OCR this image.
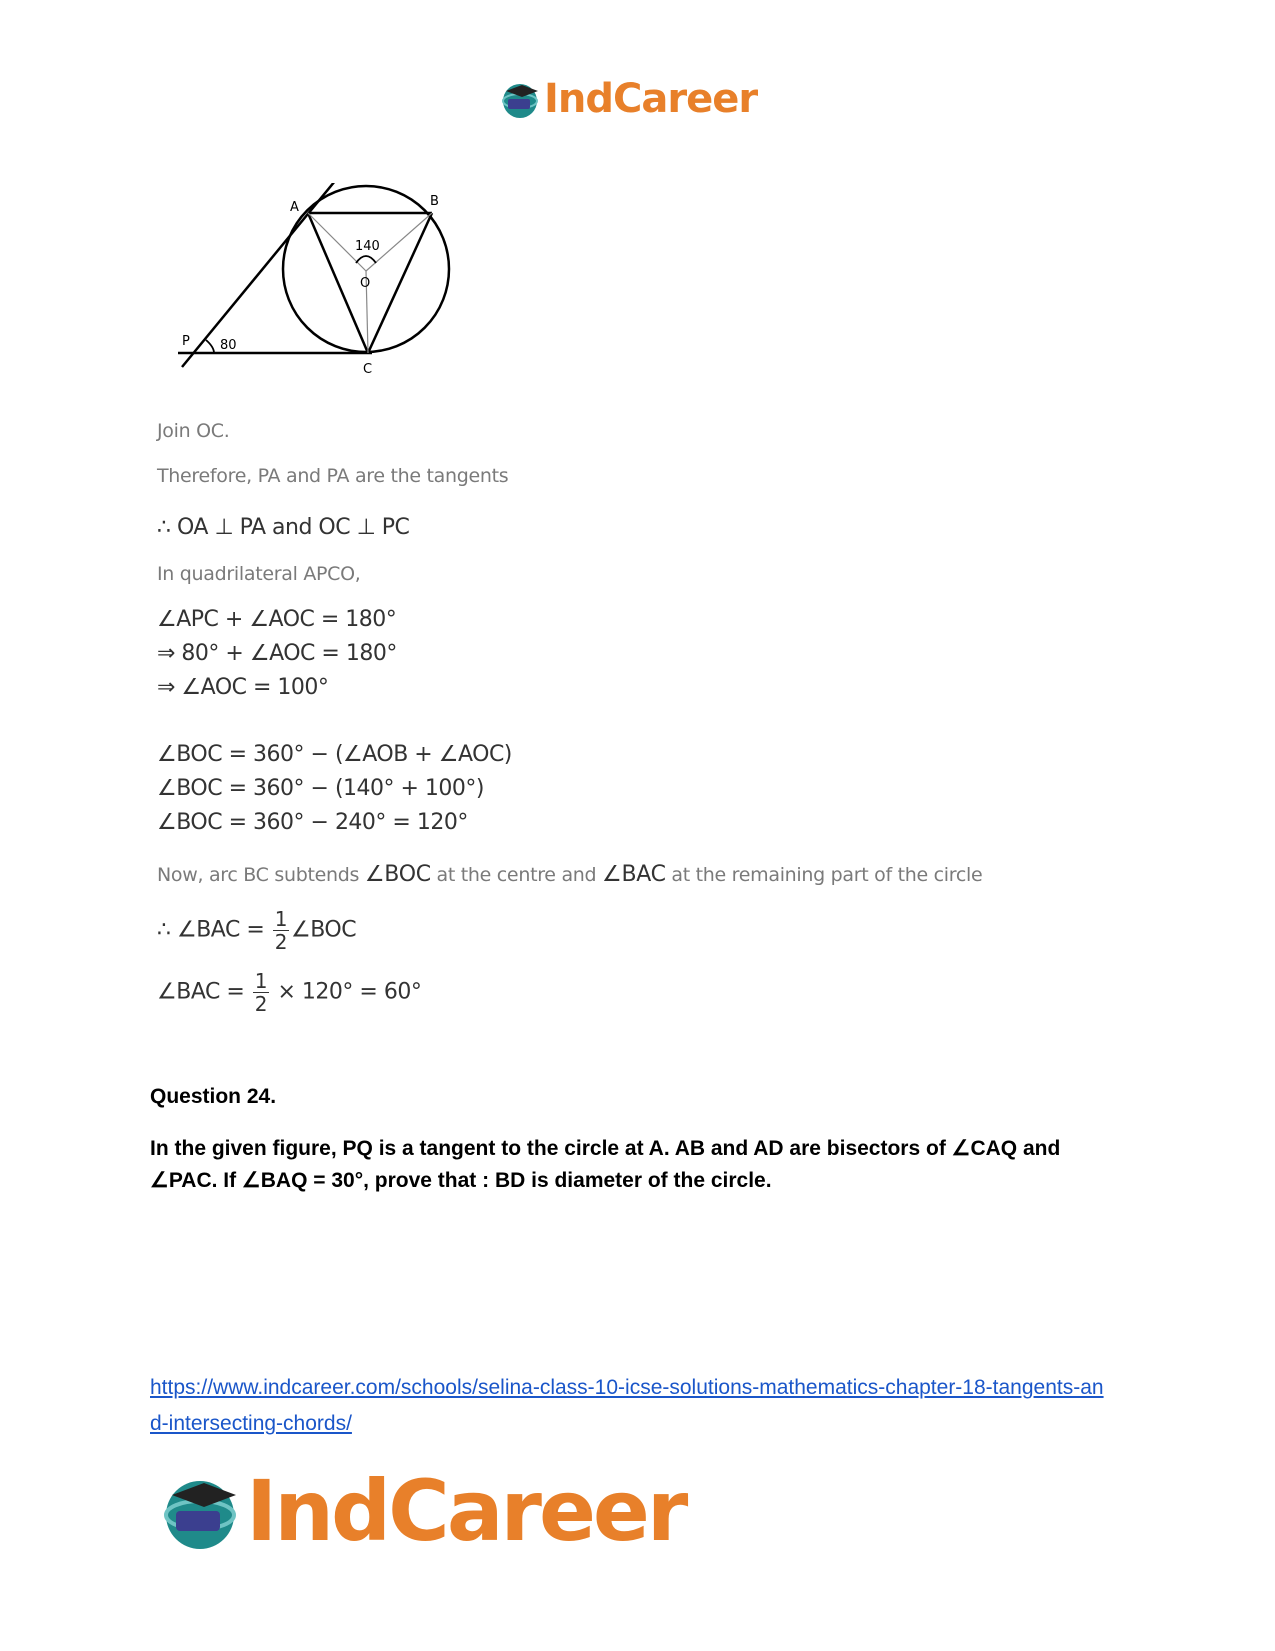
IndCareer
A	B
O
P
C
140
80
Join OC.
Therefore, PA and PA are the tangents
∴ OA ⊥ PA and OC ⊥ PC
In quadrilateral APCO,
∠APC + ∠AOC = 180°
⇒ 80° + ∠AOC = 180°
⇒ ∠AOC = 100°
∠BOC = 360° − (∠AOB + ∠AOC)
∠BOC = 360° − (140° + 100°)
∠BOC = 360° − 240° = 120°
Now, arc BC subtends ∠BOC at the centre and ∠BAC at the remaining part of the circle
∴ ∠BAC = $\frac{1}{2}$ ∠BOC
∠BAC = $\frac{1}{2} \times 120^\circ = 60^\circ$
Question 24.
In the given figure, PQ is a tangent to the circle at A. AB and AD are bisectors of ∠CAQ and ∠PAC. If ∠BAQ = 30°, prove that : BD is diameter of the circle.
https://www.indcareer.com/schools/selina-class-10-icse-solutions-mathematics-chapter-18-tangents-and-intersecting-chords/
IndCareer
